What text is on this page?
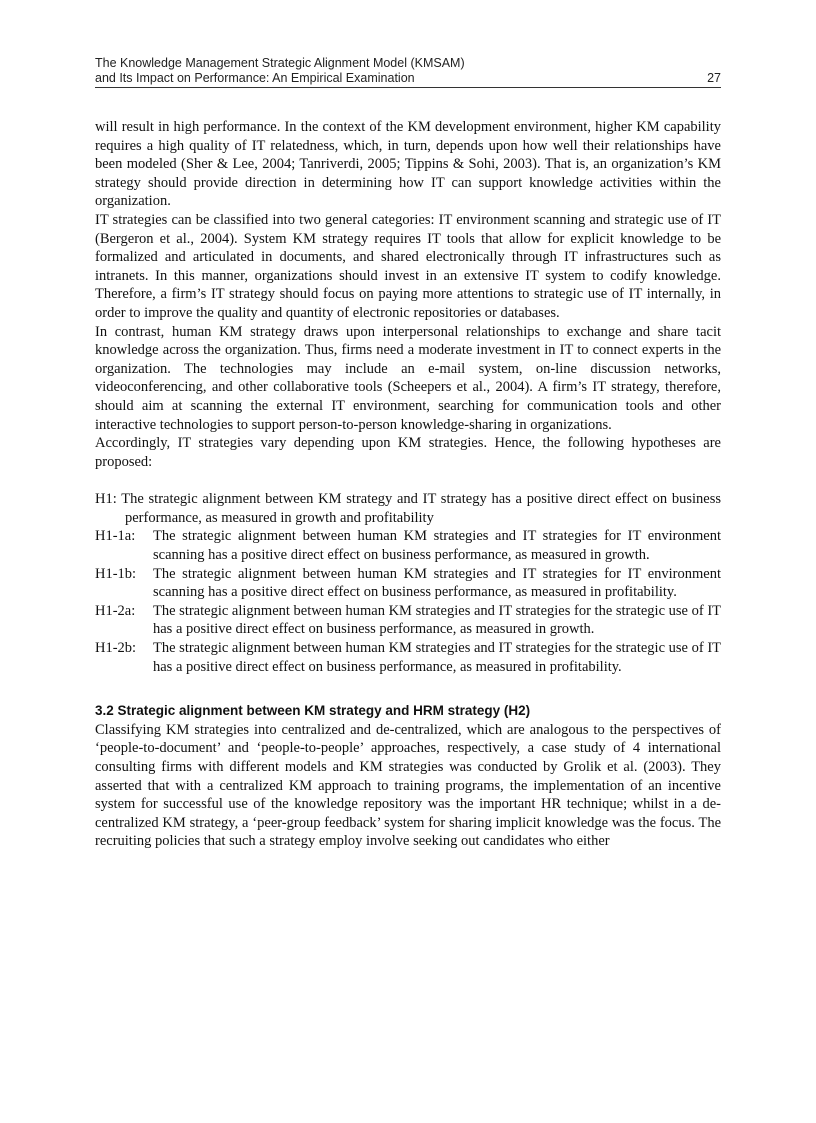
The Knowledge Management Strategic Alignment Model (KMSAM)
and Its Impact on Performance: An Empirical Examination	27

will result in high performance. In the context of the KM development environment, higher KM capability requires a high quality of IT relatedness, which, in turn, depends upon how well their relationships have been modeled (Sher & Lee, 2004; Tanriverdi, 2005; Tippins & Sohi, 2003). That is, an organization’s KM strategy should provide direction in determining how IT can support knowledge activities within the organization.

IT strategies can be classified into two general categories: IT environment scanning and strategic use of IT (Bergeron et al., 2004). System KM strategy requires IT tools that allow for explicit knowledge to be formalized and articulated in documents, and shared electronically through IT infrastructures such as intranets. In this manner, organizations should invest in an extensive IT system to codify knowledge. Therefore, a firm’s IT strategy should focus on paying more attentions to strategic use of IT internally, in order to improve the quality and quantity of electronic repositories or databases.

In contrast, human KM strategy draws upon interpersonal relationships to exchange and share tacit knowledge across the organization. Thus, firms need a moderate investment in IT to connect experts in the organization. The technologies may include an e-mail system, on-line discussion networks, videoconferencing, and other collaborative tools (Scheepers et al., 2004). A firm’s IT strategy, therefore, should aim at scanning the external IT environment, searching for communication tools and other interactive technologies to support person-to-person knowledge-sharing in organizations.

Accordingly, IT strategies vary depending upon KM strategies. Hence, the following hypotheses are proposed:

H1: The strategic alignment between KM strategy and IT strategy has a positive direct effect on business performance, as measured in growth and profitability
H1-1a:	The strategic alignment between human KM strategies and IT strategies for IT environment scanning has a positive direct effect on business performance, as measured in growth.
H1-1b:	The strategic alignment between human KM strategies and IT strategies for IT environment scanning has a positive direct effect on business performance, as measured in profitability.
H1-2a:	The strategic alignment between human KM strategies and IT strategies for the strategic use of IT has a positive direct effect on business performance, as measured in growth.
H1-2b:	The strategic alignment between human KM strategies and IT strategies for the strategic use of IT has a positive direct effect on business performance, as measured in profitability.
3.2 Strategic alignment between KM strategy and HRM strategy (H2)

Classifying KM strategies into centralized and de-centralized, which are analogous to the perspectives of ‘people-to-document’ and ‘people-to-people’ approaches, respectively, a case study of 4 international consulting firms with different models and KM strategies was conducted by Grolik et al. (2003). They asserted that with a centralized KM approach to training programs, the implementation of an incentive system for successful use of the knowledge repository was the important HR technique; whilst in a de-centralized KM strategy, a ‘peer-group feedback’ system for sharing implicit knowledge was the focus. The recruiting policies that such a strategy employ involve seeking out candidates who either
